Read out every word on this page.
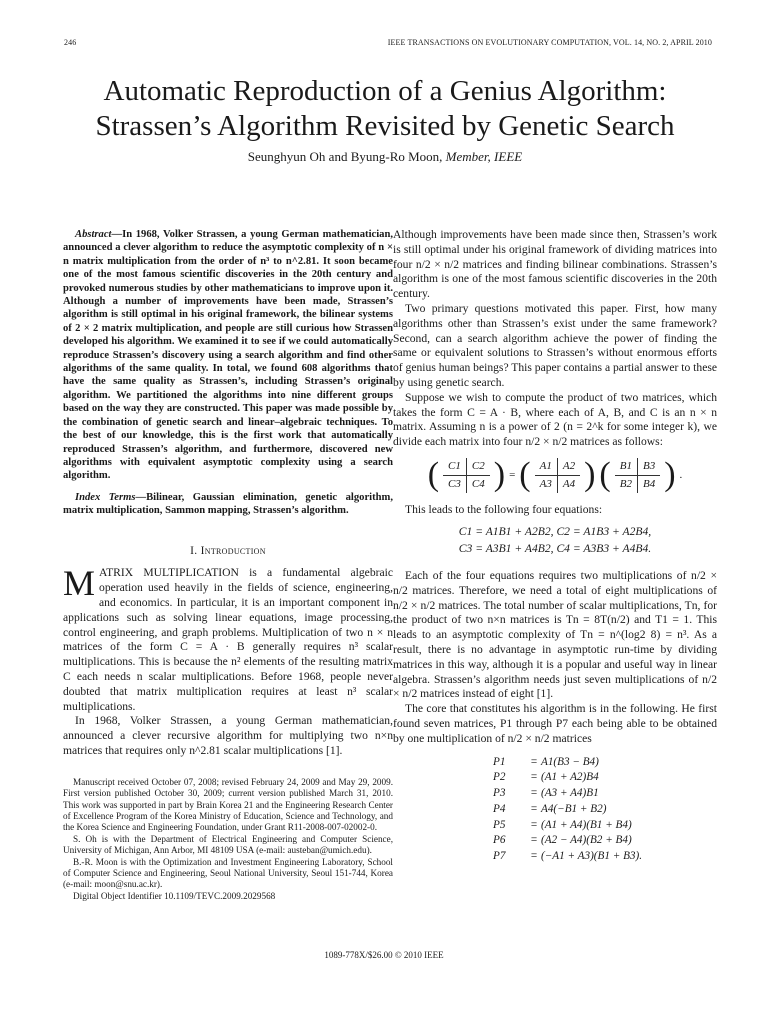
246	IEEE TRANSACTIONS ON EVOLUTIONARY COMPUTATION, VOL. 14, NO. 2, APRIL 2010
Automatic Reproduction of a Genius Algorithm:
Strassen’s Algorithm Revisited by Genetic Search
Seunghyun Oh and Byung-Ro Moon, Member, IEEE

Abstract—In 1968, Volker Strassen, a young German mathematician, announced a clever algorithm to reduce the asymptotic complexity of n × n matrix multiplication from the order of n³ to n^2.81. It soon became one of the most famous scientific discoveries in the 20th century and provoked numerous studies by other mathematicians to improve upon it. Although a number of improvements have been made, Strassen’s algorithm is still optimal in his original framework, the bilinear systems of 2 × 2 matrix multiplication, and people are still curious how Strassen developed his algorithm. We examined it to see if we could automatically reproduce Strassen’s discovery using a search algorithm and find other algorithms of the same quality. In total, we found 608 algorithms that have the same quality as Strassen’s, including Strassen’s original algorithm. We partitioned the algorithms into nine different groups based on the way they are constructed. This paper was made possible by the combination of genetic search and linear–algebraic techniques. To the best of our knowledge, this is the first work that automatically reproduced Strassen’s algorithm, and furthermore, discovered new algorithms with equivalent asymptotic complexity using a search algorithm.

Index Terms—Bilinear, Gaussian elimination, genetic algorithm, matrix multiplication, Sammon mapping, Strassen’s algorithm.

I. Introduction

MATRIX MULTIPLICATION is a fundamental algebraic operation used heavily in the fields of science, engineering, and economics. In particular, it is an important component in applications such as solving linear equations, image processing, control engineering, and graph problems. Multiplication of two n × n matrices of the form C = A · B generally requires n³ scalar multiplications. This is because the n² elements of the resulting matrix C each needs n scalar multiplications. Before 1968, people never doubted that matrix multiplication requires at least n³ scalar multiplications.

In 1968, Volker Strassen, a young German mathematician, announced a clever recursive algorithm for multiplying two n×n matrices that requires only n^2.81 scalar multiplications [1].

Manuscript received October 07, 2008; revised February 24, 2009 and May 29, 2009. First version published October 30, 2009; current version published March 31, 2010. This work was supported in part by Brain Korea 21 and the Engineering Research Center of Excellence Program of the Korea Ministry of Education, Science and Technology, and the Korea Science and Engineering Foundation, under Grant R11-2008-007-02002-0.

S. Oh is with the Department of Electrical Engineering and Computer Science, University of Michigan, Ann Arbor, MI 48109 USA (e-mail: austeban@umich.edu).

B.-R. Moon is with the Optimization and Investment Engineering Laboratory, School of Computer Science and Engineering, Seoul National University, Seoul 151-744, Korea (e-mail: moon@snu.ac.kr).

Digital Object Identifier 10.1109/TEVC.2009.2029568

Although improvements have been made since then, Strassen’s work is still optimal under his original framework of dividing matrices into four n/2 × n/2 matrices and finding bilinear combinations. Strassen’s algorithm is one of the most famous scientific discoveries in the 20th century.

Two primary questions motivated this paper. First, how many algorithms other than Strassen’s exist under the same framework? Second, can a search algorithm achieve the power of finding the same or equivalent solutions to Strassen’s without enormous efforts of genius human beings? This paper contains a partial answer to these by using genetic search.

Suppose we wish to compute the product of two matrices, which takes the form C = A · B, where each of A, B, and C is an n × n matrix. Assuming n is a power of 2 (n = 2^k for some integer k), we divide each matrix into four n/2 × n/2 matrices as follows:

( C1	C2
C3	C4 ) = ( A1	A2
A3	A4 ) ( B1	B3
B2	B4 ) .

This leads to the following four equations:

C1 = A1B1 + A2B2, C2 = A1B3 + A2B4,
C3 = A3B1 + A4B2, C4 = A3B3 + A4B4.

Each of the four equations requires two multiplications of n/2 × n/2 matrices. Therefore, we need a total of eight multiplications of n/2 × n/2 matrices. The total number of scalar multiplications, Tn, for the product of two n×n matrices is Tn = 8T(n/2) and T1 = 1. This leads to an asymptotic complexity of Tn = n^(log2 8) = n³. As a result, there is no advantage in asymptotic run-time by dividing matrices in this way, although it is a popular and useful way in linear algebra. Strassen’s algorithm needs just seven multiplications of n/2 × n/2 matrices instead of eight [1].

The core that constitutes his algorithm is in the following. He first found seven matrices, P1 through P7 each being able to be obtained by one multiplication of n/2 × n/2 matrices

P1	= A1(B3 − B4)
P2	= (A1 + A2)B4
P3	= (A3 + A4)B1
P4	= A4(−B1 + B2)
P5	= (A1 + A4)(B1 + B4)
P6	= (A2 − A4)(B2 + B4)
P7	= (−A1 + A3)(B1 + B3).
1089-778X/$26.00 © 2010 IEEE
